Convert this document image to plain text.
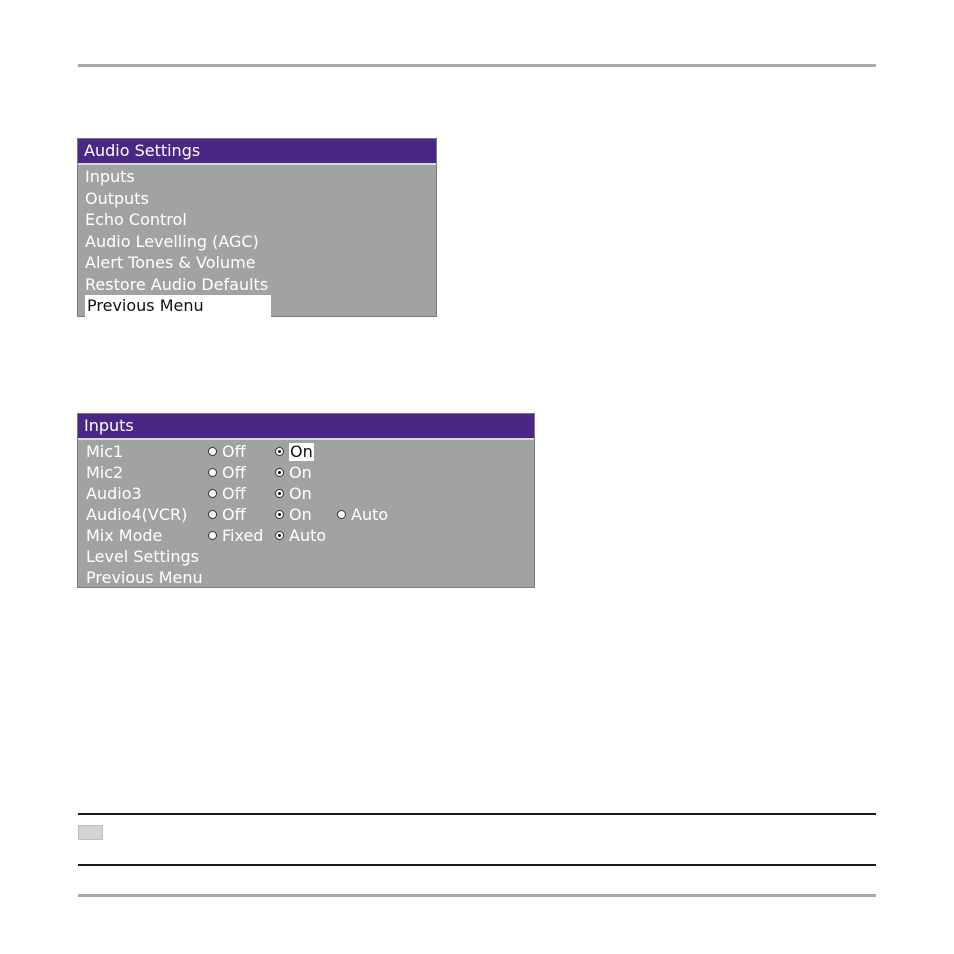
Audio Settings
Inputs
Outputs
Echo Control
Audio Levelling (AGC)
Alert Tones & Volume
Restore Audio Defaults
Previous Menu
Inputs
Mic1	Off	On
Mic2	Off	On
Audio3	Off	On
Audio4(VCR) Off	On Auto
Mix Mode	Fixed Auto
Level Settings
Previous Menu
